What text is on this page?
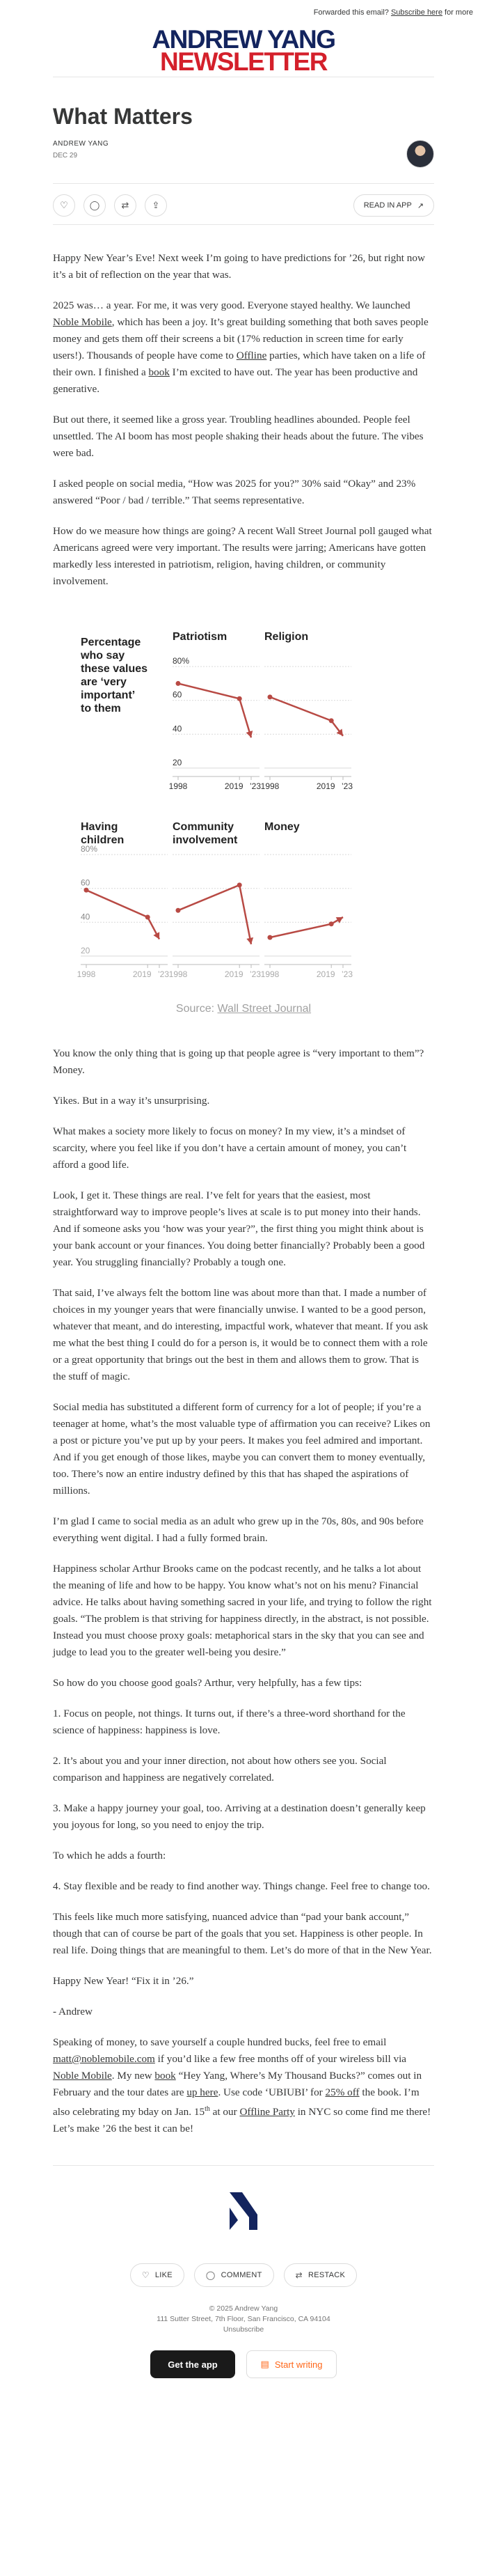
Forwarded this email? Subscribe here for more
ANDREW YANG
NEWSLETTER
What Matters
ANDREW YANG
DEC 29
♡ ◯ ⇄	⇪	READ IN APP ↗

Happy New Year’s Eve! Next week I’m going to have predictions for ’26, but right now it’s a bit of reflection on the year that was.

2025 was… a year. For me, it was very good. Everyone stayed healthy. We launched Noble Mobile, which has been a joy. It’s great building something that both saves people money and gets them off their screens a bit (17% reduction in screen time for early users!). Thousands of people have come to Offline parties, which have taken on a life of their own. I finished a book I’m excited to have out. The year has been productive and generative.

But out there, it seemed like a gross year. Troubling headlines abounded. People feel unsettled. The AI boom has most people shaking their heads about the future. The vibes were bad.

I asked people on social media, “How was 2025 for you?” 30% said “Okay” and 23% answered “Poor / bad / terrible.” That seems representative.

How do we measure how things are going? A recent Wall Street Journal poll gauged what Americans agreed were very important. The results were jarring; Americans have gotten markedly less interested in patriotism, religion, having children, or community involvement.

Percentage
who say
these values
are ‘very
important’
to them
Patriotism
80%
60
40
20
1998	2019 ’23
Religion
1998	2019 ’23
Having
children
80%
60
40
20
1998	2019 ’23
Community
involvement
1998	2019 ’23
Money
1998	2019 ’23
Source: Wall Street Journal

You know the only thing that is going up that people agree is “very important to them”? Money.

Yikes. But in a way it’s unsurprising.

What makes a society more likely to focus on money? In my view, it’s a mindset of scarcity, where you feel like if you don’t have a certain amount of money, you can’t afford a good life.

Look, I get it. These things are real. I’ve felt for years that the easiest, most straightforward way to improve people’s lives at scale is to put money into their hands. And if someone asks you ‘how was your year?”, the first thing you might think about is your bank account or your finances. You doing better financially? Probably been a good year. You struggling financially? Probably a tough one.

That said, I’ve always felt the bottom line was about more than that. I made a number of choices in my younger years that were financially unwise. I wanted to be a good person, whatever that meant, and do interesting, impactful work, whatever that meant. If you ask me what the best thing I could do for a person is, it would be to connect them with a role or a great opportunity that brings out the best in them and allows them to grow. That is the stuff of magic.

Social media has substituted a different form of currency for a lot of people; if you’re a teenager at home, what’s the most valuable type of affirmation you can receive? Likes on a post or picture you’ve put up by your peers. It makes you feel admired and important. And if you get enough of those likes, maybe you can convert them to money eventually, too. There’s now an entire industry defined by this that has shaped the aspirations of millions.

I’m glad I came to social media as an adult who grew up in the 70s, 80s, and 90s before everything went digital. I had a fully formed brain.

Happiness scholar Arthur Brooks came on the podcast recently, and he talks a lot about the meaning of life and how to be happy. You know what’s not on his menu? Financial advice. He talks about having something sacred in your life, and trying to follow the right goals. “The problem is that striving for happiness directly, in the abstract, is not possible. Instead you must choose proxy goals: metaphorical stars in the sky that you can see and judge to lead you to the greater well-being you desire.”

So how do you choose good goals? Arthur, very helpfully, has a few tips:

1. Focus on people, not things. It turns out, if there’s a three-word shorthand for the science of happiness: happiness is love.

2. It’s about you and your inner direction, not about how others see you. Social comparison and happiness are negatively correlated.

3. Make a happy journey your goal, too. Arriving at a destination doesn’t generally keep you joyous for long, so you need to enjoy the trip.

To which he adds a fourth:

4. Stay flexible and be ready to find another way. Things change. Feel free to change too.

This feels like much more satisfying, nuanced advice than “pad your bank account,” though that can of course be part of the goals that you set. Happiness is other people. In real life. Doing things that are meaningful to them. Let’s do more of that in the New Year.

Happy New Year! “Fix it in ’26.”

- Andrew

Speaking of money, to save yourself a couple hundred bucks, feel free to email matt@noblemobile.com if you’d like a few free months off of your wireless bill via Noble Mobile. My new book “Hey Yang, Where’s My Thousand Bucks?” comes out in February and the tour dates are up here. Use code ‘UBIUBI’ for 25% off the book. I’m also celebrating my bday on Jan. 15th at our Offline Party in NYC so come find me there! Let’s make ’26 the best it can be!

♡ LIKE	◯ COMMENT	⇄ RESTACK
© 2025 Andrew Yang
111 Sutter Street, 7th Floor, San Francisco, CA 94104
Unsubscribe
Get the app	▤ Start writing
